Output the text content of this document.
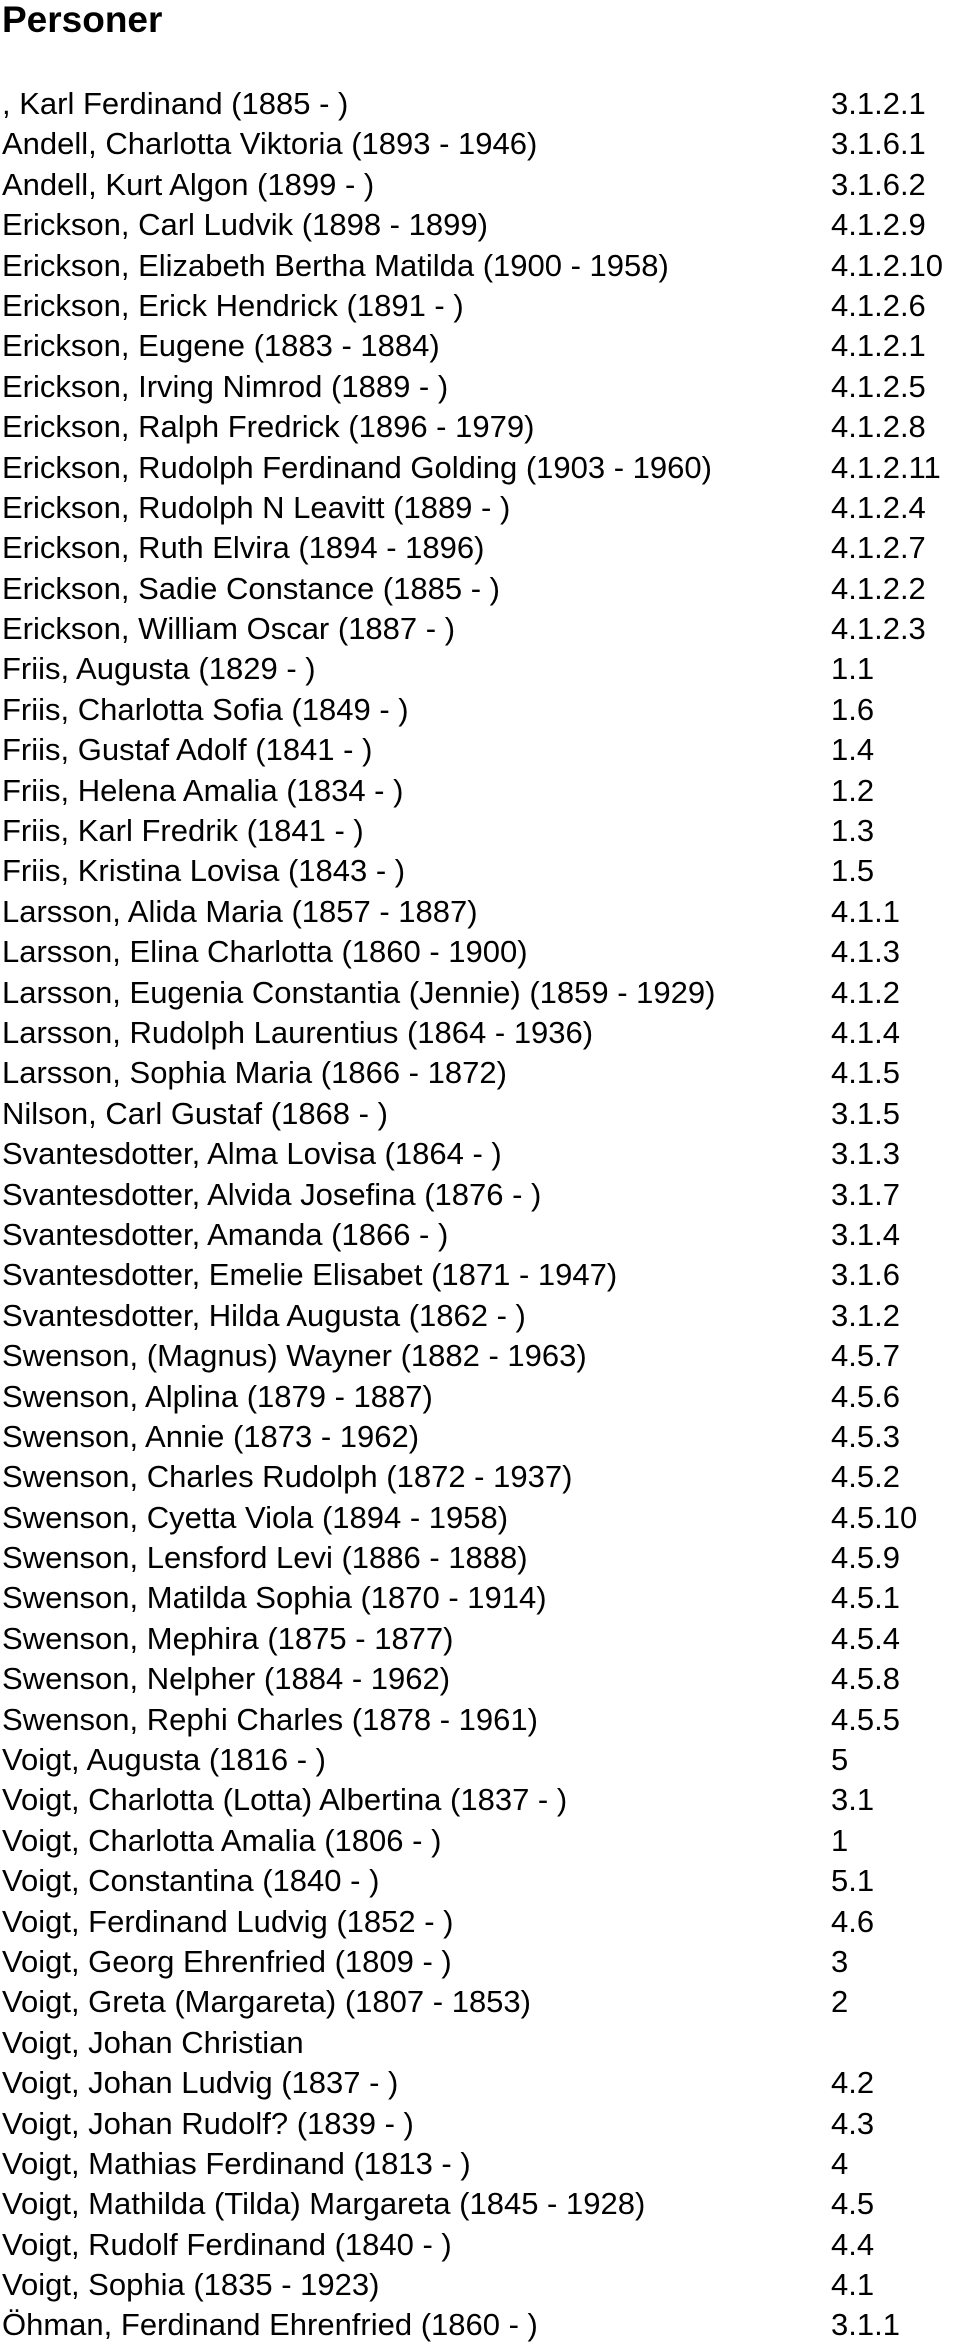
Personer
, Karl Ferdinand (1885 - )	3.1.2.1
Andell, Charlotta Viktoria (1893 - 1946)	3.1.6.1
Andell, Kurt Algon (1899 - )	3.1.6.2
Erickson, Carl Ludvik (1898 - 1899)	4.1.2.9
Erickson, Elizabeth Bertha Matilda (1900 - 1958)	4.1.2.10
Erickson, Erick Hendrick (1891 - )	4.1.2.6
Erickson, Eugene (1883 - 1884)	4.1.2.1
Erickson, Irving Nimrod (1889 - )	4.1.2.5
Erickson, Ralph Fredrick (1896 - 1979)	4.1.2.8
Erickson, Rudolph Ferdinand Golding (1903 - 1960)	4.1.2.11
Erickson, Rudolph N Leavitt (1889 - )	4.1.2.4
Erickson, Ruth Elvira (1894 - 1896)	4.1.2.7
Erickson, Sadie Constance (1885 - )	4.1.2.2
Erickson, William Oscar (1887 - )	4.1.2.3
Friis, Augusta (1829 - )	1.1
Friis, Charlotta Sofia (1849 - )	1.6
Friis, Gustaf Adolf (1841 - )	1.4
Friis, Helena Amalia (1834 - )	1.2
Friis, Karl Fredrik (1841 - )	1.3
Friis, Kristina Lovisa (1843 - )	1.5
Larsson, Alida Maria (1857 - 1887)	4.1.1
Larsson, Elina Charlotta (1860 - 1900)	4.1.3
Larsson, Eugenia Constantia (Jennie) (1859 - 1929)	4.1.2
Larsson, Rudolph Laurentius (1864 - 1936)	4.1.4
Larsson, Sophia Maria (1866 - 1872)	4.1.5
Nilson, Carl Gustaf (1868 - )	3.1.5
Svantesdotter, Alma Lovisa (1864 - )	3.1.3
Svantesdotter, Alvida Josefina (1876 - )	3.1.7
Svantesdotter, Amanda (1866 - )	3.1.4
Svantesdotter, Emelie Elisabet (1871 - 1947)	3.1.6
Svantesdotter, Hilda Augusta (1862 - )	3.1.2
Swenson, (Magnus) Wayner (1882 - 1963)	4.5.7
Swenson, Alplina (1879 - 1887)	4.5.6
Swenson, Annie (1873 - 1962)	4.5.3
Swenson, Charles Rudolph (1872 - 1937)	4.5.2
Swenson, Cyetta Viola (1894 - 1958)	4.5.10
Swenson, Lensford Levi (1886 - 1888)	4.5.9
Swenson, Matilda Sophia (1870 - 1914)	4.5.1
Swenson, Mephira (1875 - 1877)	4.5.4
Swenson, Nelpher (1884 - 1962)	4.5.8
Swenson, Rephi Charles (1878 - 1961)	4.5.5
Voigt, Augusta (1816 - )	5
Voigt, Charlotta (Lotta) Albertina (1837 - )	3.1
Voigt, Charlotta Amalia (1806 - )	1
Voigt, Constantina (1840 - )	5.1
Voigt, Ferdinand Ludvig (1852 - )	4.6
Voigt, Georg Ehrenfried (1809 - )	3
Voigt, Greta (Margareta) (1807 - 1853)	2
Voigt, Johan Christian
Voigt, Johan Ludvig (1837 - )	4.2
Voigt, Johan Rudolf? (1839 - )	4.3
Voigt, Mathias Ferdinand (1813 - )	4
Voigt, Mathilda (Tilda) Margareta (1845 - 1928)	4.5
Voigt, Rudolf Ferdinand (1840 - )	4.4
Voigt, Sophia (1835 - 1923)	4.1
Öhman, Ferdinand Ehrenfried (1860 - )	3.1.1
